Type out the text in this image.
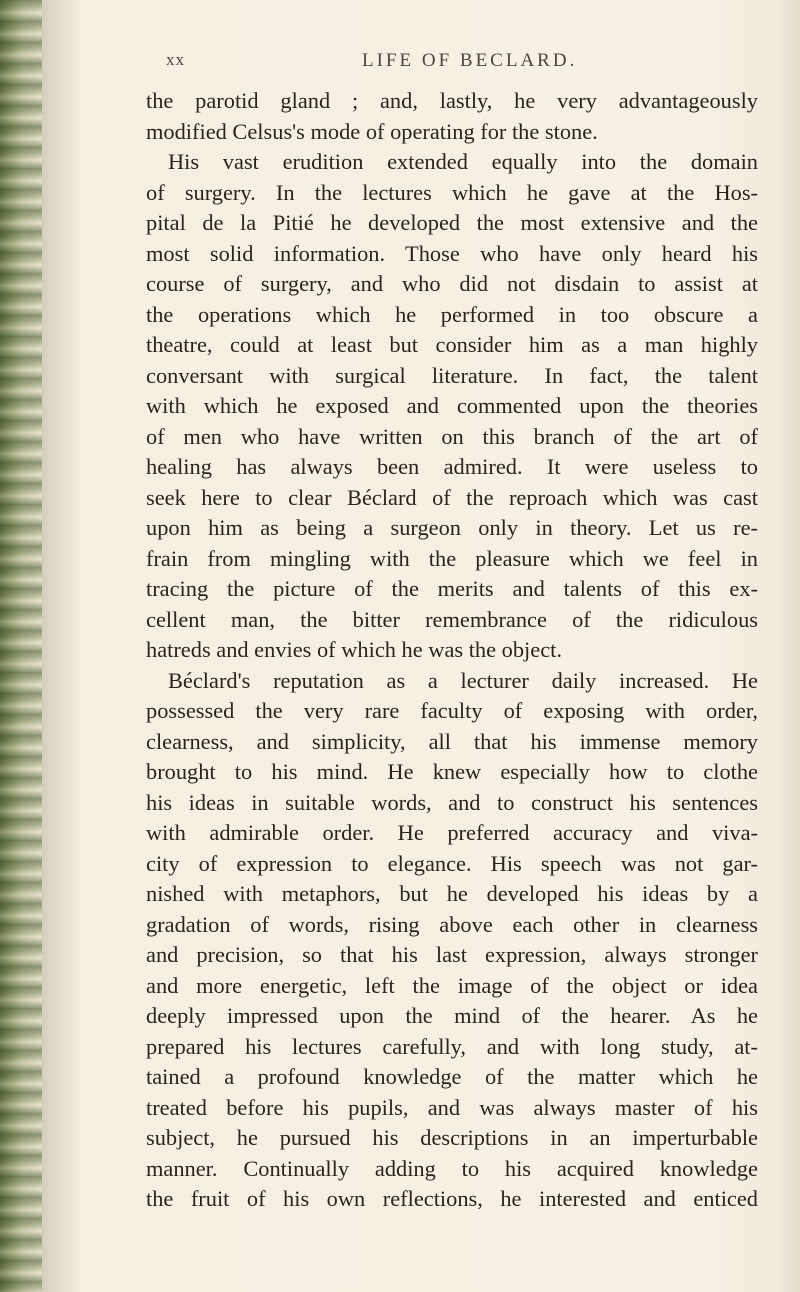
xx	LIFE OF BECLARD.
the parotid gland ; and, lastly, he very advantageously
modified Celsus's mode of operating for the stone.
His vast erudition extended equally into the domain
of surgery. In the lectures which he gave at the Hos-
pital de la Pitié he developed the most extensive and the
most solid information. Those who have only heard his
course of surgery, and who did not disdain to assist at
the operations which he performed in too obscure a
theatre, could at least but consider him as a man highly
conversant with surgical literature. In fact, the talent
with which he exposed and commented upon the theories
of men who have written on this branch of the art of
healing has always been admired. It were useless to
seek here to clear Béclard of the reproach which was cast
upon him as being a surgeon only in theory. Let us re-
frain from mingling with the pleasure which we feel in
tracing the picture of the merits and talents of this ex-
cellent man, the bitter remembrance of the ridiculous
hatreds and envies of which he was the object.
Béclard's reputation as a lecturer daily increased. He
possessed the very rare faculty of exposing with order,
clearness, and simplicity, all that his immense memory
brought to his mind. He knew especially how to clothe
his ideas in suitable words, and to construct his sentences
with admirable order. He preferred accuracy and viva-
city of expression to elegance. His speech was not gar-
nished with metaphors, but he developed his ideas by a
gradation of words, rising above each other in clearness
and precision, so that his last expression, always stronger
and more energetic, left the image of the object or idea
deeply impressed upon the mind of the hearer. As he
prepared his lectures carefully, and with long study, at-
tained a profound knowledge of the matter which he
treated before his pupils, and was always master of his
subject, he pursued his descriptions in an imperturbable
manner. Continually adding to his acquired knowledge
the fruit of his own reflections, he interested and enticed
